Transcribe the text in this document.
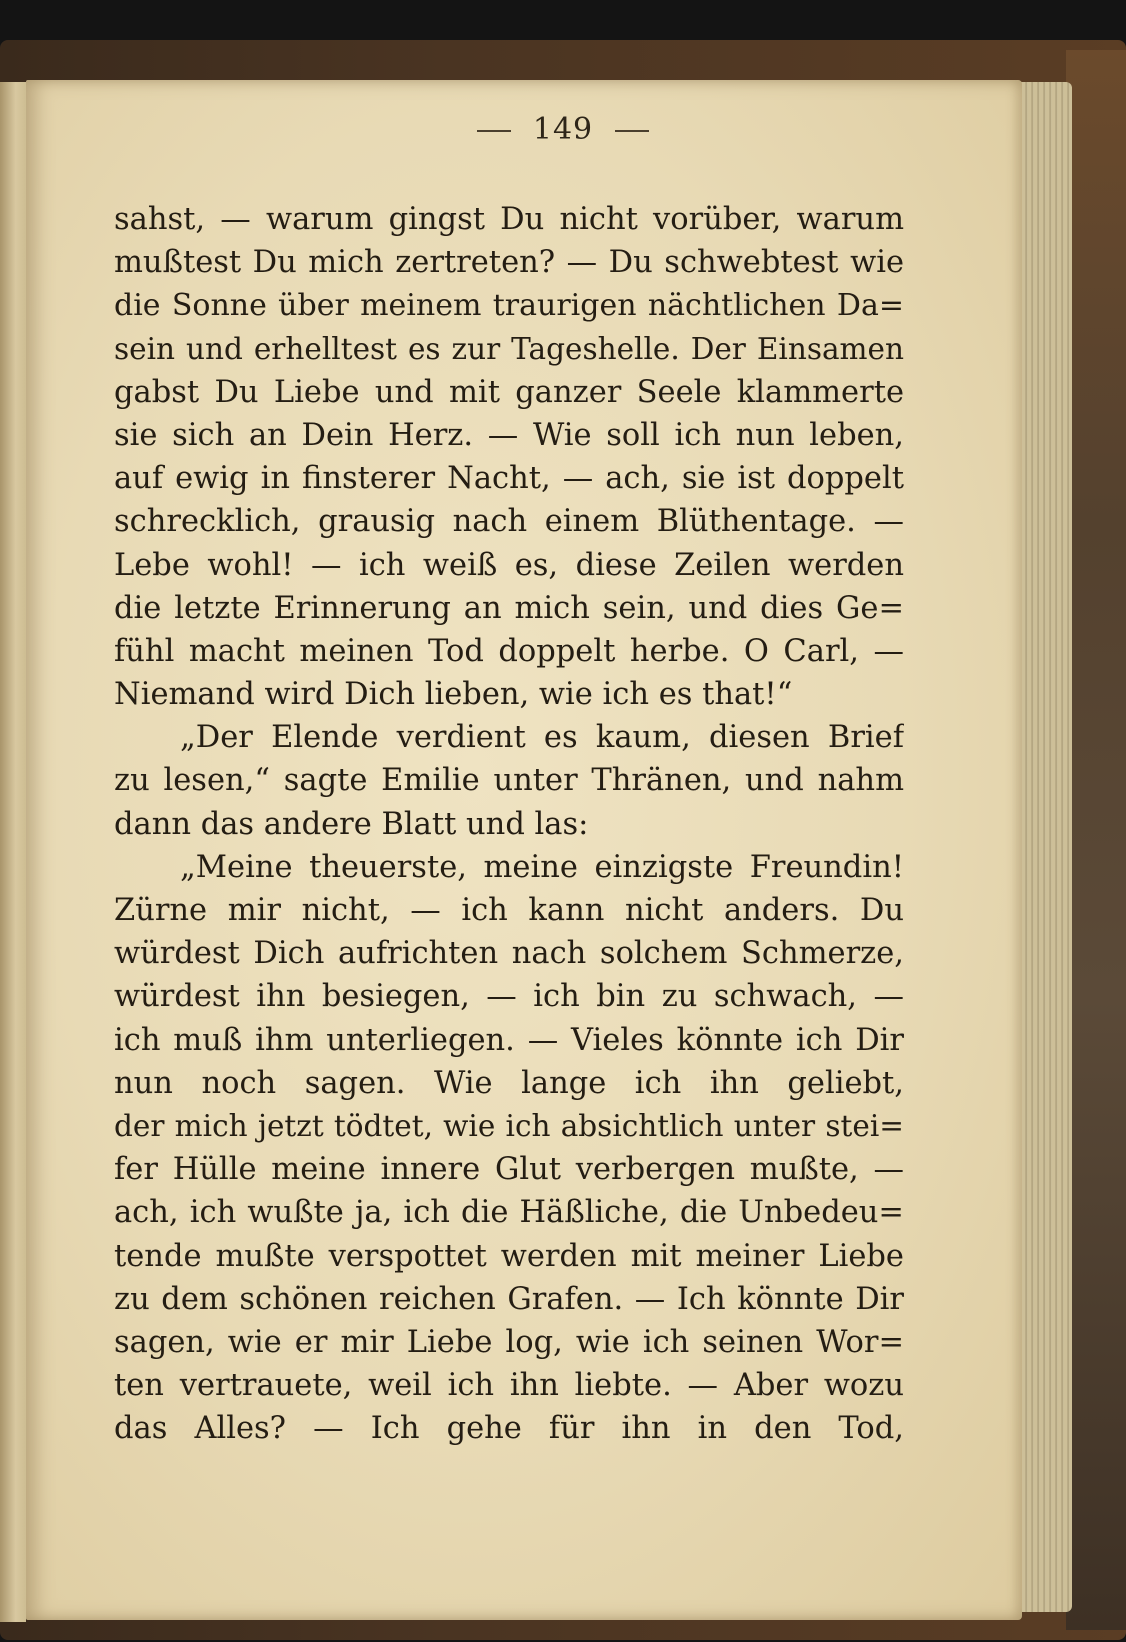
149
sahst, — warum gingst Du nicht vorüber, warum
mußtest Du mich zertreten? — Du schwebtest wie
die Sonne über meinem traurigen nächtlichen Da=
sein und erhelltest es zur Tageshelle. Der Einsamen
gabst Du Liebe und mit ganzer Seele klammerte
sie sich an Dein Herz. — Wie soll ich nun leben,
auf ewig in finsterer Nacht, — ach, sie ist doppelt
schrecklich, grausig nach einem Blüthentage. —
Lebe wohl! — ich weiß es, diese Zeilen werden
die letzte Erinnerung an mich sein, und dies Ge=
fühl macht meinen Tod doppelt herbe. O Carl, —
Niemand wird Dich lieben, wie ich es that!“
„Der Elende verdient es kaum, diesen Brief
zu lesen,“ sagte Emilie unter Thränen, und nahm
dann das andere Blatt und las:
„Meine theuerste, meine einzigste Freundin!
Zürne mir nicht, — ich kann nicht anders. Du
würdest Dich aufrichten nach solchem Schmerze,
würdest ihn besiegen, — ich bin zu schwach, —
ich muß ihm unterliegen. — Vieles könnte ich Dir
nun noch sagen. Wie lange ich ihn geliebt,
der mich jetzt tödtet, wie ich absichtlich unter stei=
fer Hülle meine innere Glut verbergen mußte, —
ach, ich wußte ja, ich die Häßliche, die Unbedeu=
tende mußte verspottet werden mit meiner Liebe
zu dem schönen reichen Grafen. — Ich könnte Dir
sagen, wie er mir Liebe log, wie ich seinen Wor=
ten vertrauete, weil ich ihn liebte. — Aber wozu
das Alles? — Ich gehe für ihn in den Tod,
